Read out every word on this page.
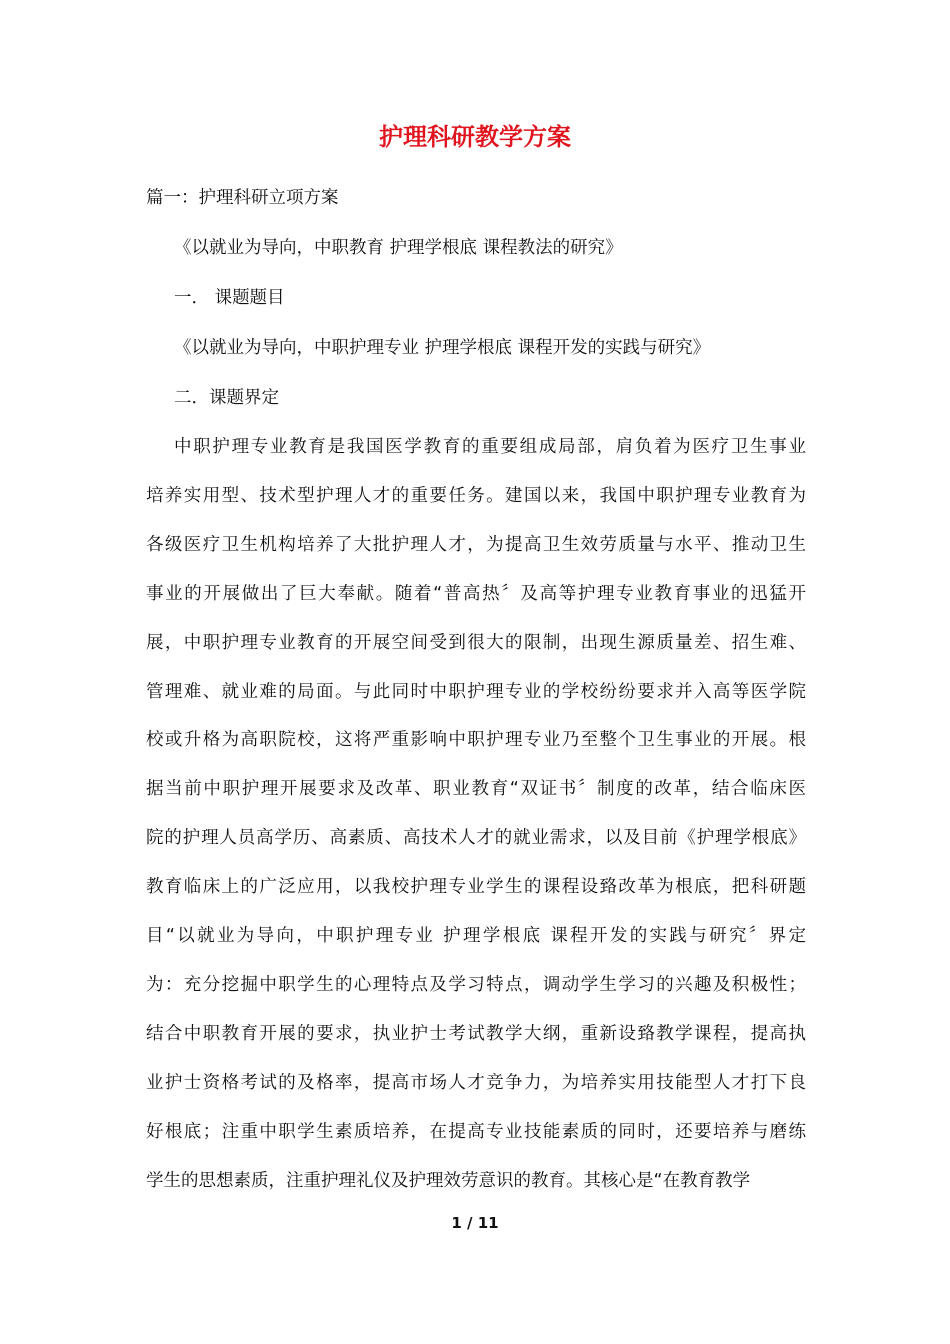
护理科研教学方案
篇一：护理科研立项方案
《以就业为导向，中职教育 护理学根底 课程教法的研究》
一． 课题题目
《以就业为导向，中职护理专业 护理学根底 课程开发的实践与研究》
二．课题界定
中职护理专业教育是我国医学教育的重要组成局部，肩负着为医疗卫生事业
培养实用型、技术型护理人才的重要任务。建国以来，我国中职护理专业教育为
各级医疗卫生机构培养了大批护理人才，为提高卫生效劳质量与水平、推动卫生
事业的开展做出了巨大奉献。随着“普高热〞及高等护理专业教育事业的迅猛开
展，中职护理专业教育的开展空间受到很大的限制，出现生源质量差、招生难、
管理难、就业难的局面。与此同时中职护理专业的学校纷纷要求并入高等医学院
校或升格为高职院校，这将严重影响中职护理专业乃至整个卫生事业的开展。根
据当前中职护理开展要求及改革、职业教育“双证书〞制度的改革，结合临床医
院的护理人员高学历、高素质、高技术人才的就业需求，以及目前《护理学根底》
教育临床上的广泛应用，以我校护理专业学生的课程设臵改革为根底，把科研题
目“以就业为导向，中职护理专业 护理学根底 课程开发的实践与研究〞界定
为：充分挖掘中职学生的心理特点及学习特点，调动学生学习的兴趣及积极性；
结合中职教育开展的要求，执业护士考试教学大纲，重新设臵教学课程，提高执
业护士资格考试的及格率，提高市场人才竞争力，为培养实用技能型人才打下良
好根底；注重中职学生素质培养，在提高专业技能素质的同时，还要培养与磨练
学生的思想素质，注重护理礼仪及护理效劳意识的教育。其核心是“在教育教学
1 / 11
